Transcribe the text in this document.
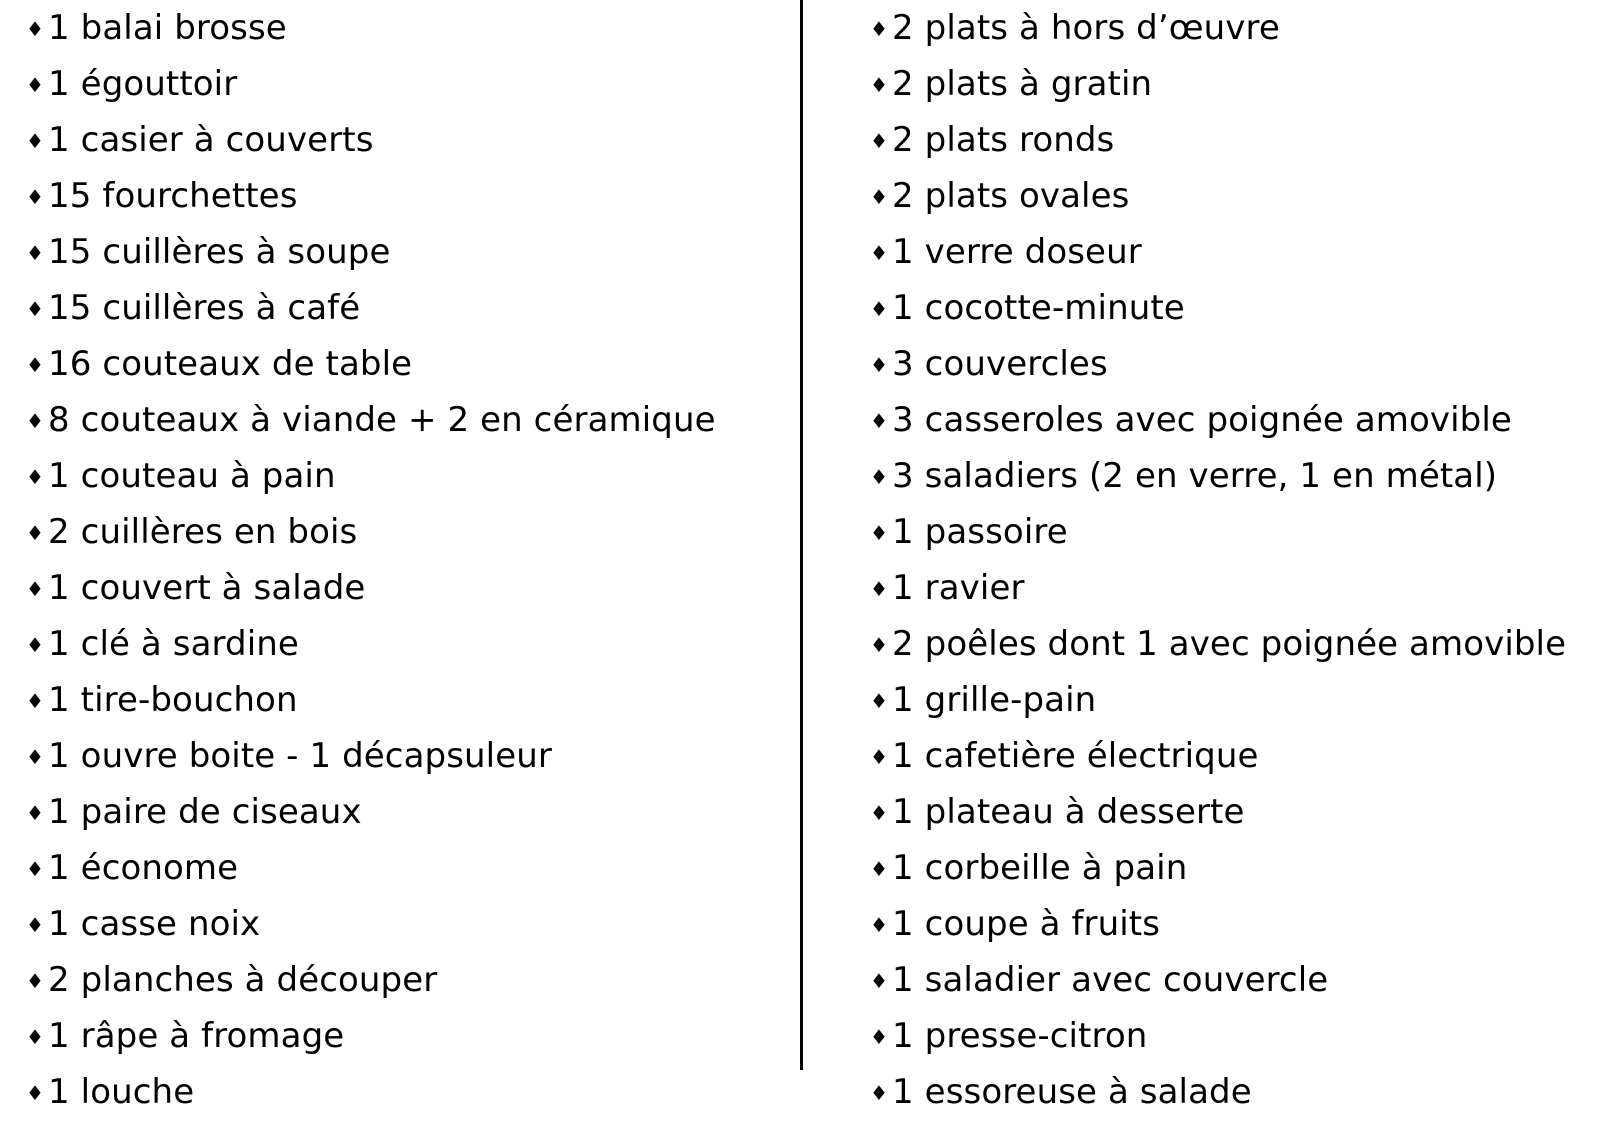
♦ 1 balai brosse
♦ 1 égouttoir
♦ 1 casier à couverts
♦ 15 fourchettes
♦ 15 cuillères à soupe
♦ 15 cuillères à café
♦ 16 couteaux de table
♦ 8 couteaux à viande + 2 en céramique
♦ 1 couteau à pain
♦ 2 cuillères en bois
♦ 1 couvert à salade
♦ 1 clé à sardine
♦ 1 tire-bouchon
♦ 1 ouvre boite - 1 décapsuleur
♦ 1 paire de ciseaux
♦ 1 économe
♦ 1 casse noix
♦ 2 planches à découper
♦ 1 râpe à fromage
♦ 1 louche
♦ 2 plats à hors d’œuvre
♦ 2 plats à gratin
♦ 2 plats ronds
♦ 2 plats ovales
♦ 1 verre doseur
♦ 1 cocotte-minute
♦ 3 couvercles
♦ 3 casseroles avec poignée amovible
♦ 3 saladiers (2 en verre, 1 en métal)
♦ 1 passoire
♦ 1 ravier
♦ 2 poêles dont 1 avec poignée amovible
♦ 1 grille-pain
♦ 1 cafetière électrique
♦ 1 plateau à desserte
♦ 1 corbeille à pain
♦ 1 coupe à fruits
♦ 1 saladier avec couvercle
♦ 1 presse-citron
♦ 1 essoreuse à salade
